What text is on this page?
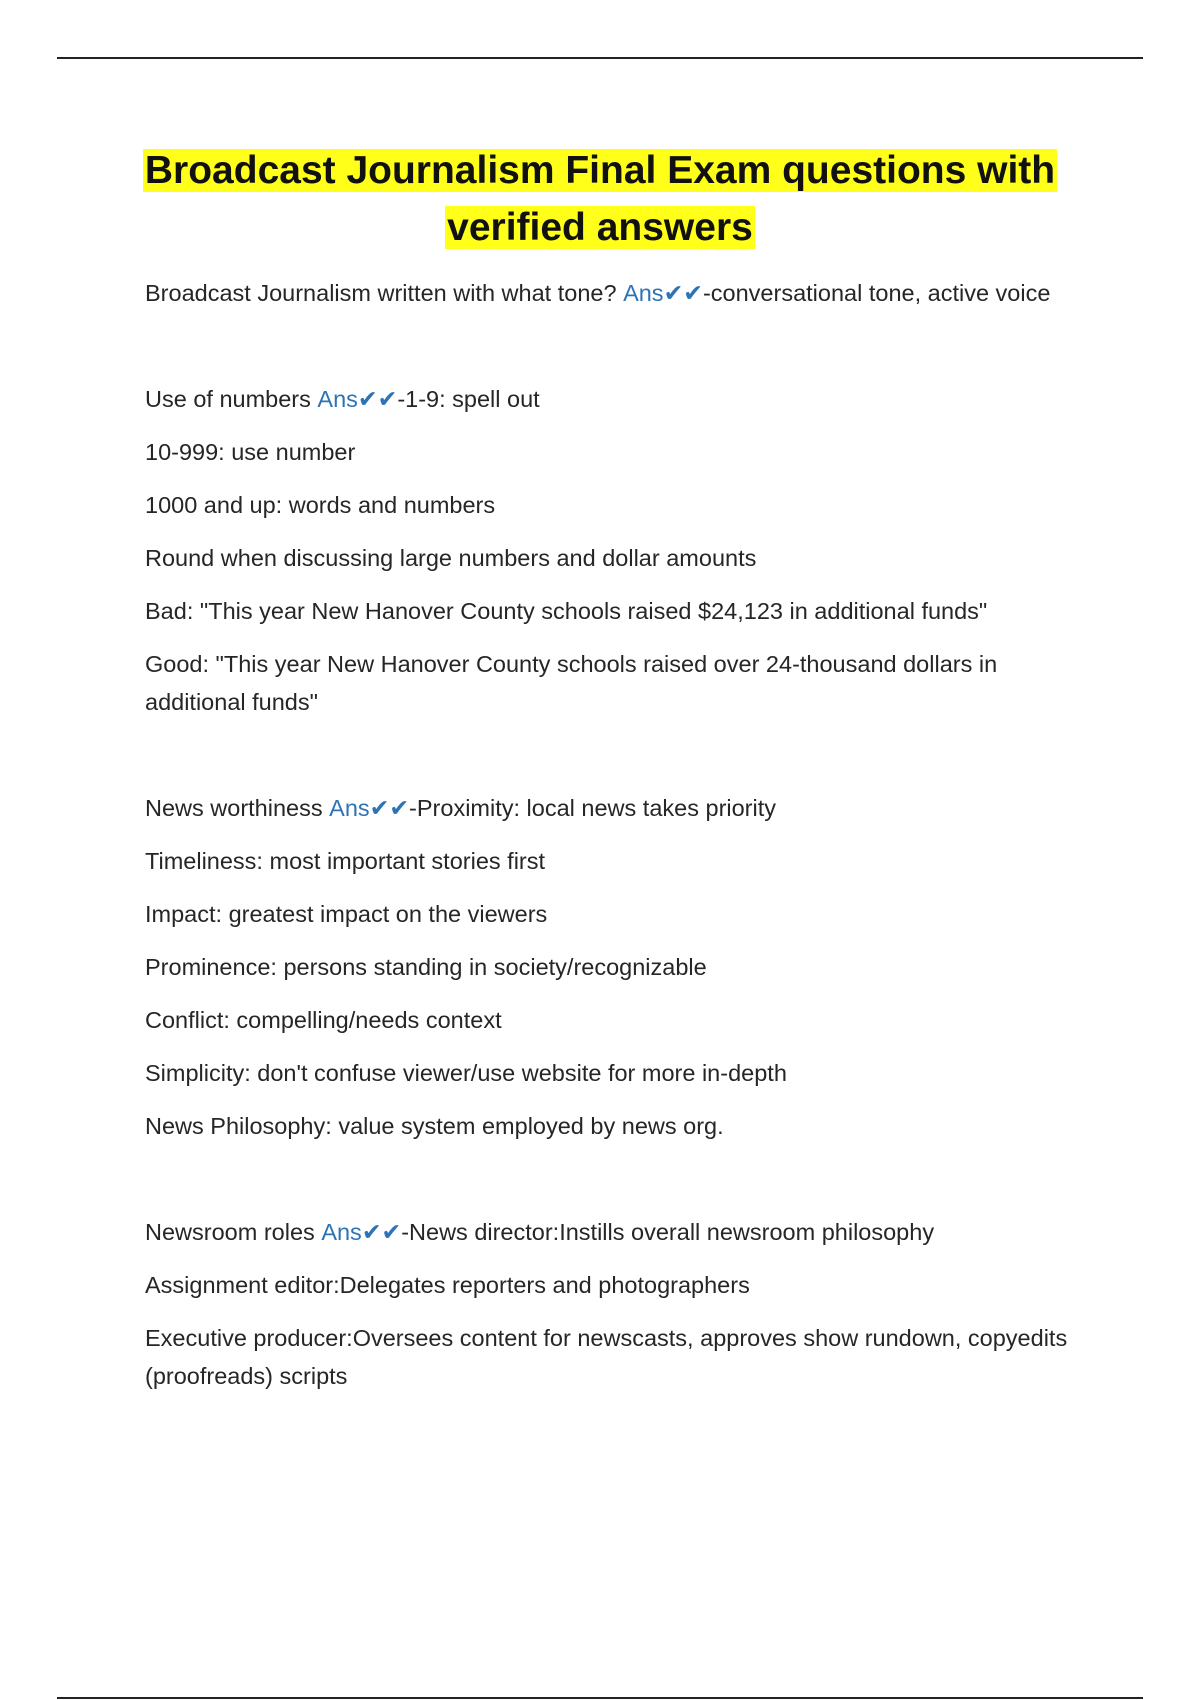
Broadcast Journalism Final Exam questions with verified answers

Broadcast Journalism written with what tone? Ans✔✔-conversational tone, active voice

Use of numbers Ans✔✔-1-9: spell out

10-999: use number

1000 and up: words and numbers

Round when discussing large numbers and dollar amounts

Bad: "This year New Hanover County schools raised $24,123 in additional funds"

Good: "This year New Hanover County schools raised over 24-thousand dollars in additional funds"

News worthiness Ans✔✔-Proximity: local news takes priority

Timeliness: most important stories first

Impact: greatest impact on the viewers

Prominence: persons standing in society/recognizable

Conflict: compelling/needs context

Simplicity: don't confuse viewer/use website for more in-depth

News Philosophy: value system employed by news org.

Newsroom roles Ans✔✔-News director:Instills overall newsroom philosophy

Assignment editor:Delegates reporters and photographers

Executive producer:Oversees content for newscasts, approves show rundown, copyedits (proofreads) scripts
